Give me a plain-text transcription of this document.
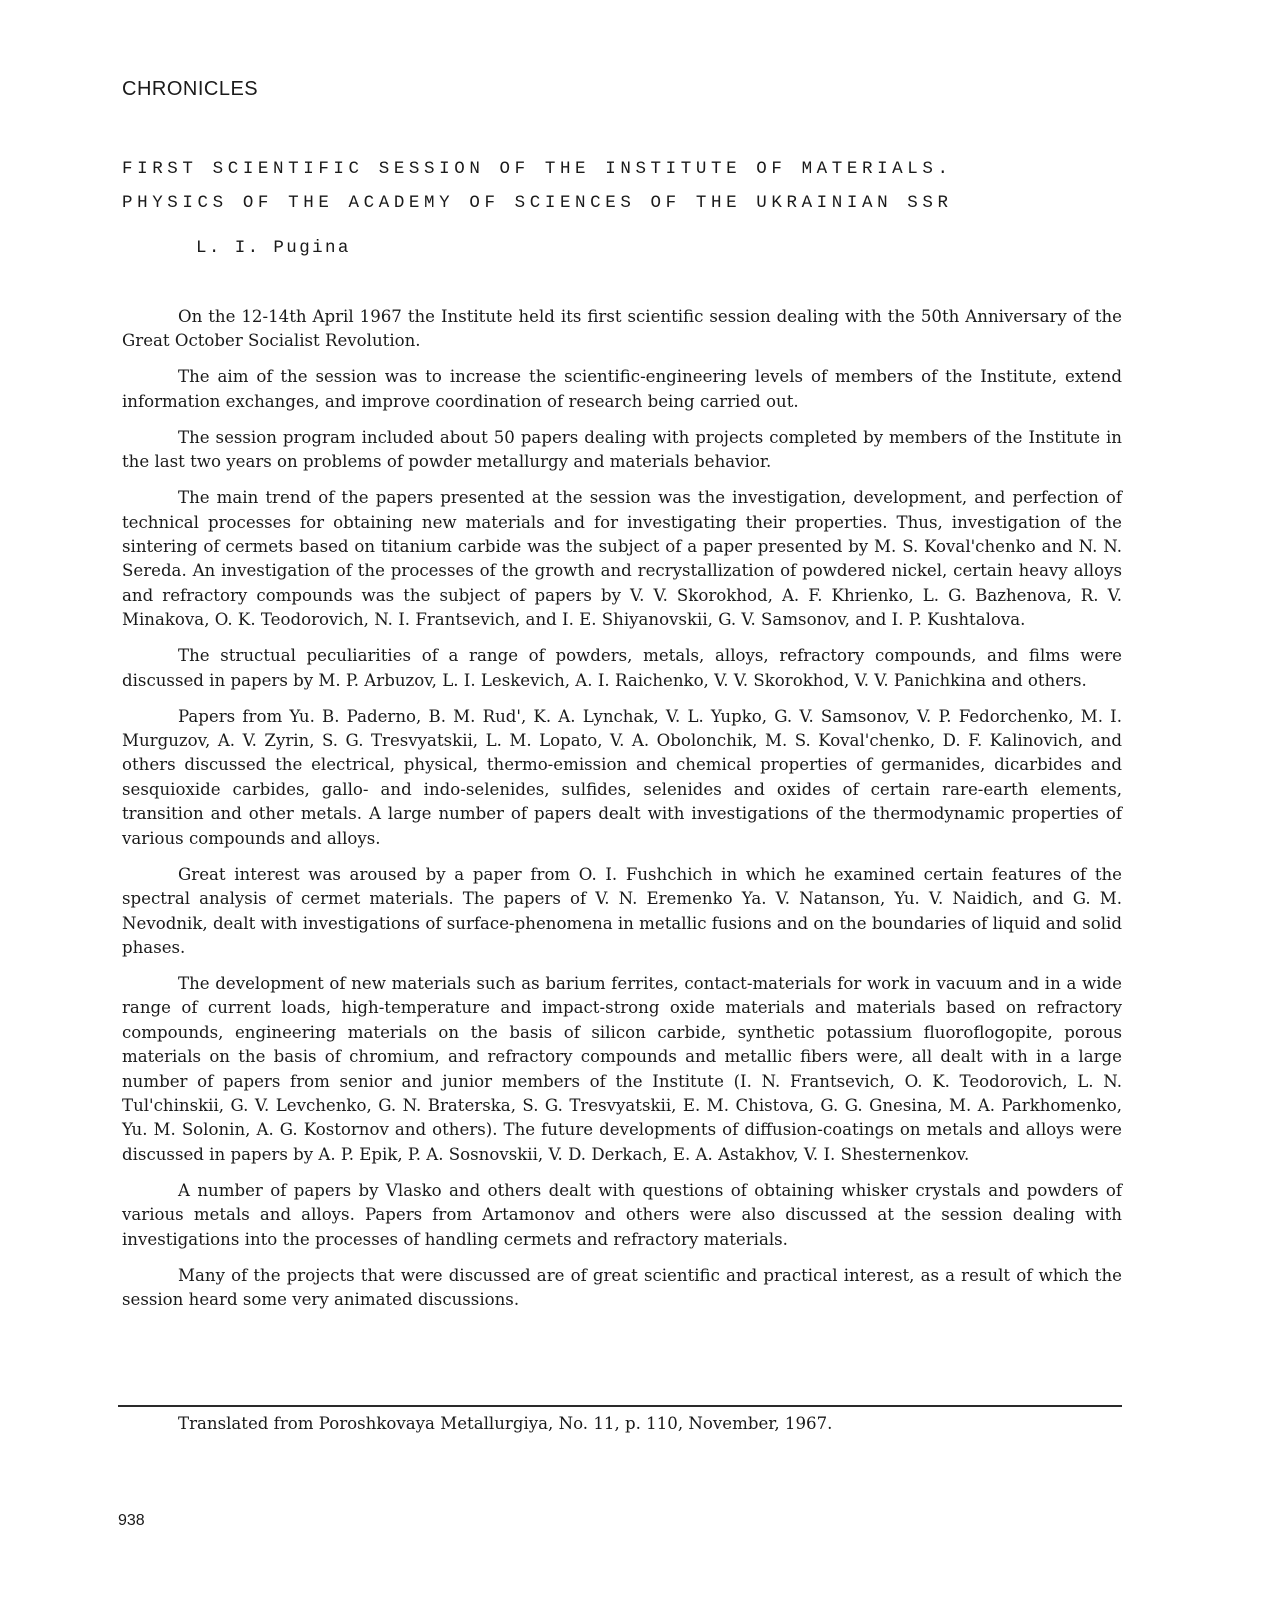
CHRONICLES
FIRST SCIENTIFIC SESSION OF THE INSTITUTE OF MATERIALS.
PHYSICS OF THE ACADEMY OF SCIENCES OF THE UKRAINIAN SSR
L. I. Pugina

On the 12-14th April 1967 the Institute held its first scientific session dealing with the 50th Anniversary of the Great October Socialist Revolution.

The aim of the session was to increase the scientific-engineering levels of members of the Institute, extend information exchanges, and improve coordination of research being carried out.

The session program included about 50 papers dealing with projects completed by members of the Institute in the last two years on problems of powder metallurgy and materials behavior.

The main trend of the papers presented at the session was the investigation, development, and perfection of technical processes for obtaining new materials and for investigating their properties. Thus, investigation of the sintering of cermets based on titanium carbide was the subject of a paper presented by M. S. Koval'chenko and N. N. Sereda. An investigation of the processes of the growth and recrystallization of powdered nickel, certain heavy alloys and refractory compounds was the subject of papers by V. V. Skorokhod, A. F. Khrienko, L. G. Bazhenova, R. V. Minakova, O. K. Teodorovich, N. I. Frantsevich, and I. E. Shiyanovskii, G. V. Samsonov, and I. P. Kushtalova.

The structual peculiarities of a range of powders, metals, alloys, refractory compounds, and films were discussed in papers by M. P. Arbuzov, L. I. Leskevich, A. I. Raichenko, V. V. Skorokhod, V. V. Panichkina and others.

Papers from Yu. B. Paderno, B. M. Rud', K. A. Lynchak, V. L. Yupko, G. V. Samsonov, V. P. Fedorchenko, M. I. Murguzov, A. V. Zyrin, S. G. Tresvyatskii, L. M. Lopato, V. A. Obolonchik, M. S. Koval'chenko, D. F. Kalinovich, and others discussed the electrical, physical, thermo-emission and chemical properties of germanides, dicarbides and sesquioxide carbides, gallo- and indo-selenides, sulfides, selenides and oxides of certain rare-earth elements, transition and other metals. A large number of papers dealt with investigations of the thermodynamic properties of various compounds and alloys.

Great interest was aroused by a paper from O. I. Fushchich in which he examined certain features of the spectral analysis of cermet materials. The papers of V. N. Eremenko Ya. V. Natanson, Yu. V. Naidich, and G. M. Nevodnik, dealt with investigations of surface-phenomena in metallic fusions and on the boundaries of liquid and solid phases.

The development of new materials such as barium ferrites, contact-materials for work in vacuum and in a wide range of current loads, high-temperature and impact-strong oxide materials and materials based on refractory compounds, engineering materials on the basis of silicon carbide, synthetic potassium fluoroflogopite, porous materials on the basis of chromium, and refractory compounds and metallic fibers were, all dealt with in a large number of papers from senior and junior members of the Institute (I. N. Frantsevich, O. K. Teodorovich, L. N. Tul'chinskii, G. V. Levchenko, G. N. Braterska, S. G. Tresvyatskii, E. M. Chistova, G. G. Gnesina, M. A. Parkhomenko, Yu. M. Solonin, A. G. Kostornov and others). The future developments of diffusion-coatings on metals and alloys were discussed in papers by A. P. Epik, P. A. Sosnovskii, V. D. Derkach, E. A. Astakhov, V. I. Shesternenkov.

A number of papers by Vlasko and others dealt with questions of obtaining whisker crystals and powders of various metals and alloys. Papers from Artamonov and others were also discussed at the session dealing with investigations into the processes of handling cermets and refractory materials.

Many of the projects that were discussed are of great scientific and practical interest, as a result of which the session heard some very animated discussions.

Translated from Poroshkovaya Metallurgiya, No. 11, p. 110, November, 1967.
938
